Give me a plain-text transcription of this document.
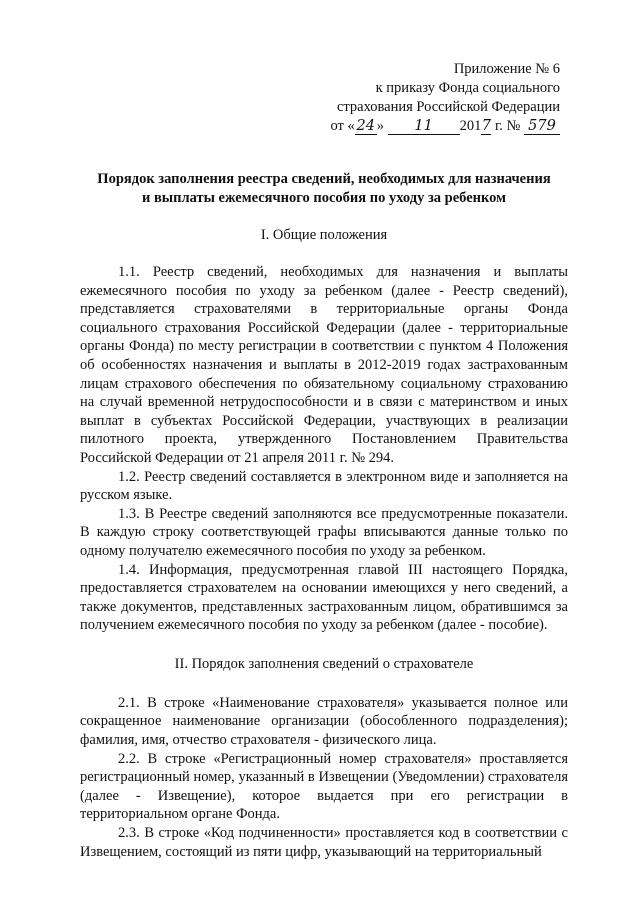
Приложение № 6
к приказу Фонда социального
страхования Российской Федерации
от « 24 » 11 2017 г. № 579
Порядок заполнения реестра сведений, необходимых для назначения
и выплаты ежемесячного пособия по уходу за ребенком
I. Общие положения

1.1. Реестр сведений, необходимых для назначения и выплаты ежемесячного пособия по уходу за ребенком (далее - Реестр сведений), представляется страхователями в территориальные органы Фонда социального страхования Российской Федерации (далее - территориальные органы Фонда) по месту регистрации в соответствии с пунктом 4 Положения об особенностях назначения и выплаты в 2012-2019 годах застрахованным лицам страхового обеспечения по обязательному социальному страхованию на случай временной нетрудоспособности и в связи с материнством и иных выплат в субъектах Российской Федерации, участвующих в реализации пилотного проекта, утвержденного Постановлением Правительства Российской Федерации от 21 апреля 2011 г. № 294.

1.2. Реестр сведений составляется в электронном виде и заполняется на русском языке.

1.3. В Реестре сведений заполняются все предусмотренные показатели. В каждую строку соответствующей графы вписываются данные только по одному получателю ежемесячного пособия по уходу за ребенком.

1.4. Информация, предусмотренная главой III настоящего Порядка, предоставляется страхователем на основании имеющихся у него сведений, а также документов, представленных застрахованным лицом, обратившимся за получением ежемесячного пособия по уходу за ребенком (далее - пособие).

II. Порядок заполнения сведений о страхователе

2.1. В строке «Наименование страхователя» указывается полное или сокращенное наименование организации (обособленного подразделения); фамилия, имя, отчество страхователя - физического лица.

2.2. В строке «Регистрационный номер страхователя» проставляется регистрационный номер, указанный в Извещении (Уведомлении) страхователя (далее - Извещение), которое выдается при его регистрации в территориальном органе Фонда.

2.3. В строке «Код подчиненности» проставляется код в соответствии с Извещением, состоящий из пяти цифр, указывающий на территориальный
